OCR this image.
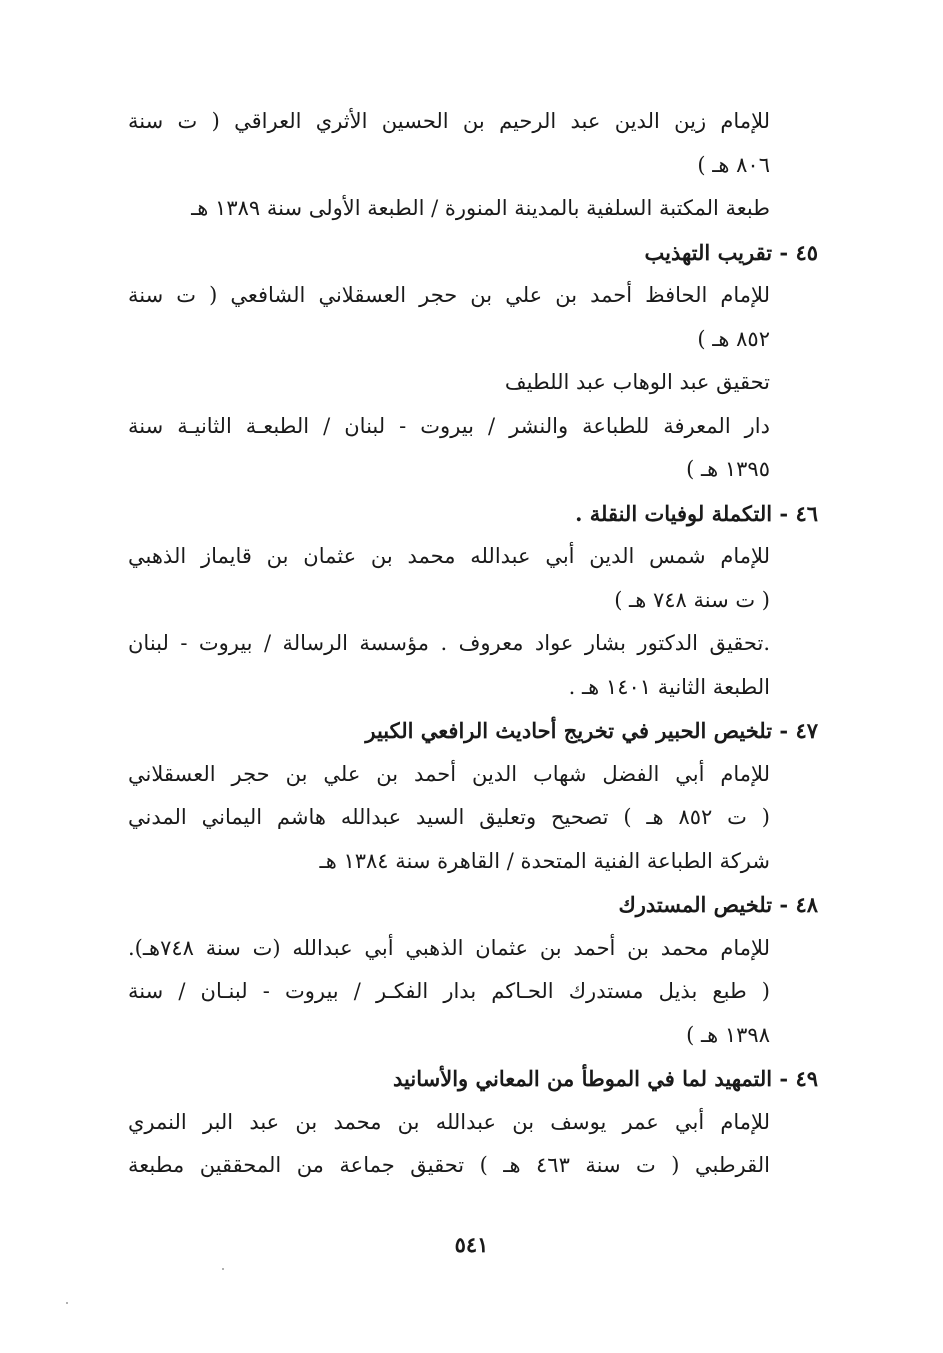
للإمام زين الدين عبد الرحيم بن الحسين الأثري العراقي ( ت سنة
٨٠٦ هـ )
طبعة المكتبة السلفية بالمدينة المنورة / الطبعة الأولى سنة ١٣٨٩ هـ
٤٥ - تقريب التهذيب
للإمام الحافظ أحمد بن علي بن حجر العسقلاني الشافعي ( ت سنة
٨٥٢ هـ )
تحقيق عبد الوهاب عبد اللطيف
دار المعرفة للطباعة والنشر / بيروت - لبنان / الطبعـة الثانيـة سنة
١٣٩٥ هـ )
٤٦ - التكملة لوفيات النقلة .
للإمام شمس الدين أبي عبدالله محمد بن عثمان بن قايماز الذهبي
( ت سنة ٧٤٨ هـ )
.تحقيق الدكتور بشار عواد معروف . مؤسسة الرسالة / بيروت - لبنان
الطبعة الثانية ١٤٠١ هـ .
٤٧ - تلخيص الحبير في تخريج أحاديث الرافعي الكبير
للإمام أبي الفضل شهاب الدين أحمد بن علي بن حجر العسقلاني
( ت ٨٥٢ هـ ) تصحيح وتعليق السيد عبدالله هاشم اليماني المدني
شركة الطباعة الفنية المتحدة / القاهرة سنة ١٣٨٤ هـ
٤٨ - تلخيص المستدرك
للإمام محمد بن أحمد بن عثمان الذهبي أبي عبدالله (ت سنة ٧٤٨هـ).
( طبع بذيل مستدرك الحـاكم بدار الفكـر / بيروت - لبنـان / سنة
١٣٩٨ هـ )
٤٩ - التمهيد لما في الموطأ من المعاني والأسانيد
للإمام أبي عمر يوسف بن عبدالله بن محمد بن عبد البر النمري
القرطبي ( ت سنة ٤٦٣ هـ ) تحقيق جماعة من المحققين مطبعة
٥٤١
